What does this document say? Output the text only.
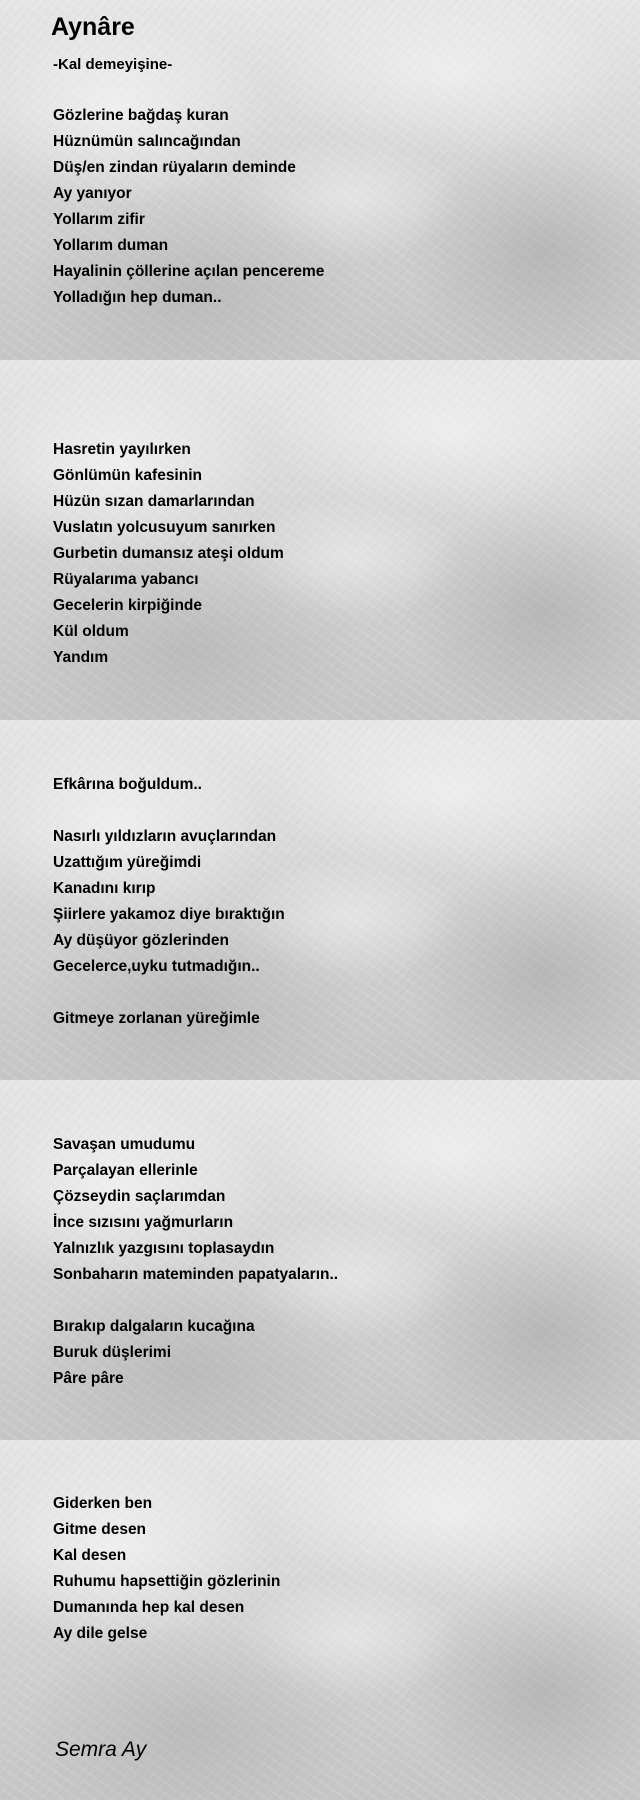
Aynâre
-Kal demeyişine-
Gözlerine bağdaş kuran
Hüznümün salıncağından
Düş/en zindan rüyaların deminde
Ay yanıyor
Yollarım zifir
Yollarım duman
Hayalinin çöllerine açılan pencereme
Yolladığın hep duman..
Hasretin yayılırken
Gönlümün kafesinin
Hüzün sızan damarlarından
Vuslatın yolcusuyum sanırken
Gurbetin dumansız ateşi oldum
Rüyalarıma yabancı
Gecelerin kirpiğinde
Kül oldum
Yandım
Efkârına boğuldum..
Nasırlı yıldızların avuçlarından
Uzattığım yüreğimdi
Kanadını kırıp
Şiirlere yakamoz diye bıraktığın
Ay düşüyor gözlerinden
Gecelerce,uyku tutmadığın..
Gitmeye zorlanan yüreğimle
Savaşan umudumu
Parçalayan ellerinle
Çözseydin saçlarımdan
İnce sızısını yağmurların
Yalnızlık yazgısını toplasaydın
Sonbaharın mateminden papatyaların..
Bırakıp dalgaların kucağına
Buruk düşlerimi
Pâre pâre
Giderken ben
Gitme desen
Kal desen
Ruhumu hapsettiğin gözlerinin
Dumanında hep kal desen
Ay dile gelse
Semra Ay
